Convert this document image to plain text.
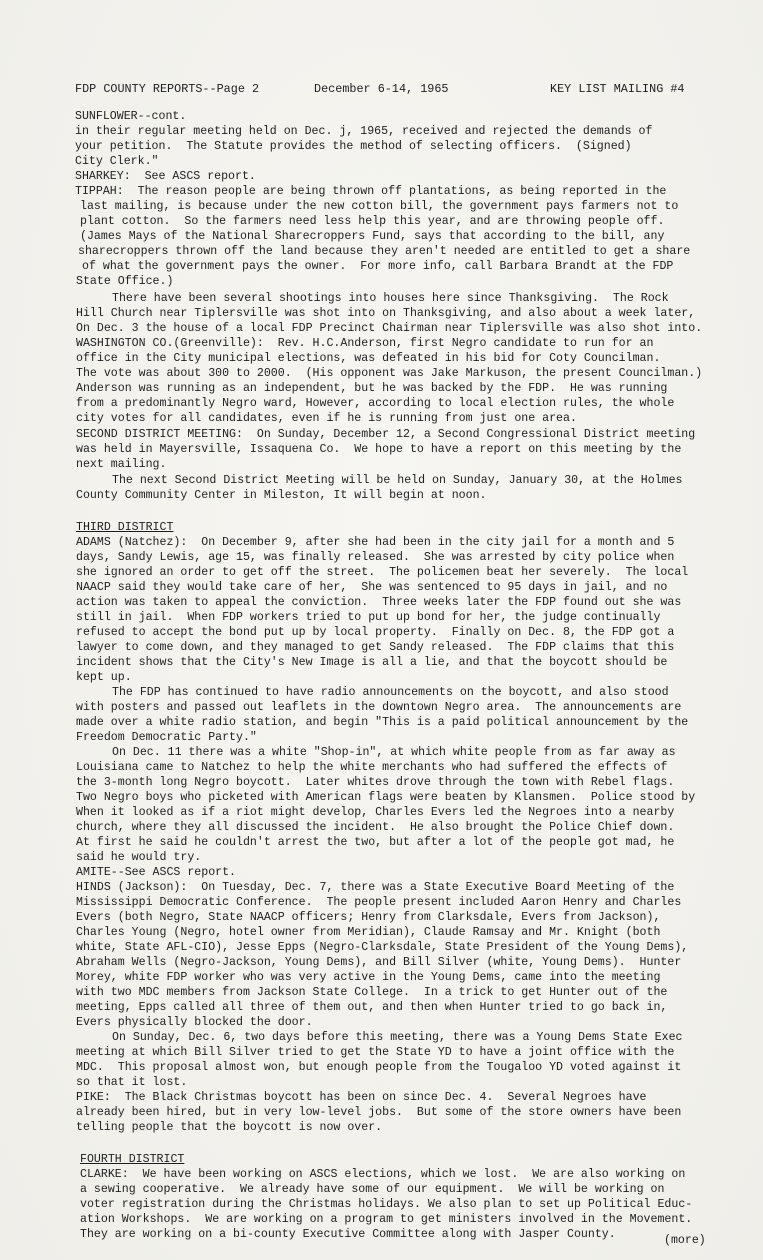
FDP COUNTY REPORTS--Page 2	December 6-14, 1965	KEY LIST MAILING #4
SUNFLOWER--cont.
in their regular meeting held on Dec. j, 1965, received and rejected the demands of
your petition.  The Statute provides the method of selecting officers.  (Signed)
City Clerk."
SHARKEY:  See ASCS report.
TIPPAH:  The reason people are being thrown off plantations, as being reported in the
last mailing, is because under the new cotton bill, the government pays farmers not to
plant cotton.  So the farmers need less help this year, and are throwing people off.
(James Mays of the National Sharecroppers Fund, says that according to the bill, any
sharecroppers thrown off the land because they aren't needed are entitled to get a share
of what the government pays the owner.  For more info, call Barbara Brandt at the FDP
State Office.)
There have been several shootings into houses here since Thanksgiving.  The Rock
Hill Church near Tiplersville was shot into on Thanksgiving, and also about a week later,
On Dec. 3 the house of a local FDP Precinct Chairman near Tiplersville was also shot into.
WASHINGTON CO.(Greenville):  Rev. H.C.Anderson, first Negro candidate to run for an
office in the City municipal elections, was defeated in his bid for Coty Councilman.
The vote was about 300 to 2000.  (His opponent was Jake Markuson, the present Councilman.)
Anderson was running as an independent, but he was backed by the FDP.  He was running
from a predominantly Negro ward, However, according to local election rules, the whole
city votes for all candidates, even if he is running from just one area.
SECOND DISTRICT MEETING:  On Sunday, December 12, a Second Congressional District meeting
was held in Mayersville, Issaquena Co.  We hope to have a report on this meeting by the
next mailing.
The next Second District Meeting will be held on Sunday, January 30, at the Holmes
County Community Center in Mileston, It will begin at noon.
THIRD DISTRICT
ADAMS (Natchez):  On December 9, after she had been in the city jail for a month and 5
days, Sandy Lewis, age 15, was finally released.  She was arrested by city police when
she ignored an order to get off the street.  The policemen beat her severely.  The local
NAACP said they would take care of her,  She was sentenced to 95 days in jail, and no
action was taken to appeal the conviction.  Three weeks later the FDP found out she was
still in jail.  When FDP workers tried to put up bond for her, the judge continually
refused to accept the bond put up by local property.  Finally on Dec. 8, the FDP got a
lawyer to come down, and they managed to get Sandy released.  The FDP claims that this
incident shows that the City's New Image is all a lie, and that the boycott should be
kept up.
The FDP has continued to have radio announcements on the boycott, and also stood
with posters and passed out leaflets in the downtown Negro area.  The announcements are
made over a white radio station, and begin "This is a paid political announcement by the
Freedom Democratic Party."
On Dec. 11 there was a white "Shop-in", at which white people from as far away as
Louisiana came to Natchez to help the white merchants who had suffered the effects of
the 3-month long Negro boycott.  Later whites drove through the town with Rebel flags.
Two Negro boys who picketed with American flags were beaten by Klansmen.  Police stood by
When it looked as if a riot might develop, Charles Evers led the Negroes into a nearby
church, where they all discussed the incident.  He also brought the Police Chief down.
At first he said he couldn't arrest the two, but after a lot of the people got mad, he
said he would try.
AMITE--See ASCS report.
HINDS (Jackson):  On Tuesday, Dec. 7, there was a State Executive Board Meeting of the
Mississippi Democratic Conference.  The people present included Aaron Henry and Charles
Evers (both Negro, State NAACP officers; Henry from Clarksdale, Evers from Jackson),
Charles Young (Negro, hotel owner from Meridian), Claude Ramsay and Mr. Knight (both
white, State AFL-CIO), Jesse Epps (Negro-Clarksdale, State President of the Young Dems),
Abraham Wells (Negro-Jackson, Young Dems), and Bill Silver (white, Young Dems).  Hunter
Morey, white FDP worker who was very active in the Young Dems, came into the meeting
with two MDC members from Jackson State College.  In a trick to get Hunter out of the
meeting, Epps called all three of them out, and then when Hunter tried to go back in,
Evers physically blocked the door.
On Sunday, Dec. 6, two days before this meeting, there was a Young Dems State Exec
meeting at which Bill Silver tried to get the State YD to have a joint office with the
MDC.  This proposal almost won, but enough people from the Tougaloo YD voted against it
so that it lost.
PIKE:  The Black Christmas boycott has been on since Dec. 4.  Several Negroes have
already been hired, but in very low-level jobs.  But some of the store owners have been
telling people that the boycott is now over.
FOURTH DISTRICT
CLARKE:  We have been working on ASCS elections, which we lost.  We are also working on
a sewing cooperative.  We already have some of our equipment.  We will be working on
voter registration during the Christmas holidays. We also plan to set up Political Educ-
ation Workshops.  We are working on a program to get ministers involved in the Movement.
They are working on a bi-county Executive Committee along with Jasper County.	(more)
